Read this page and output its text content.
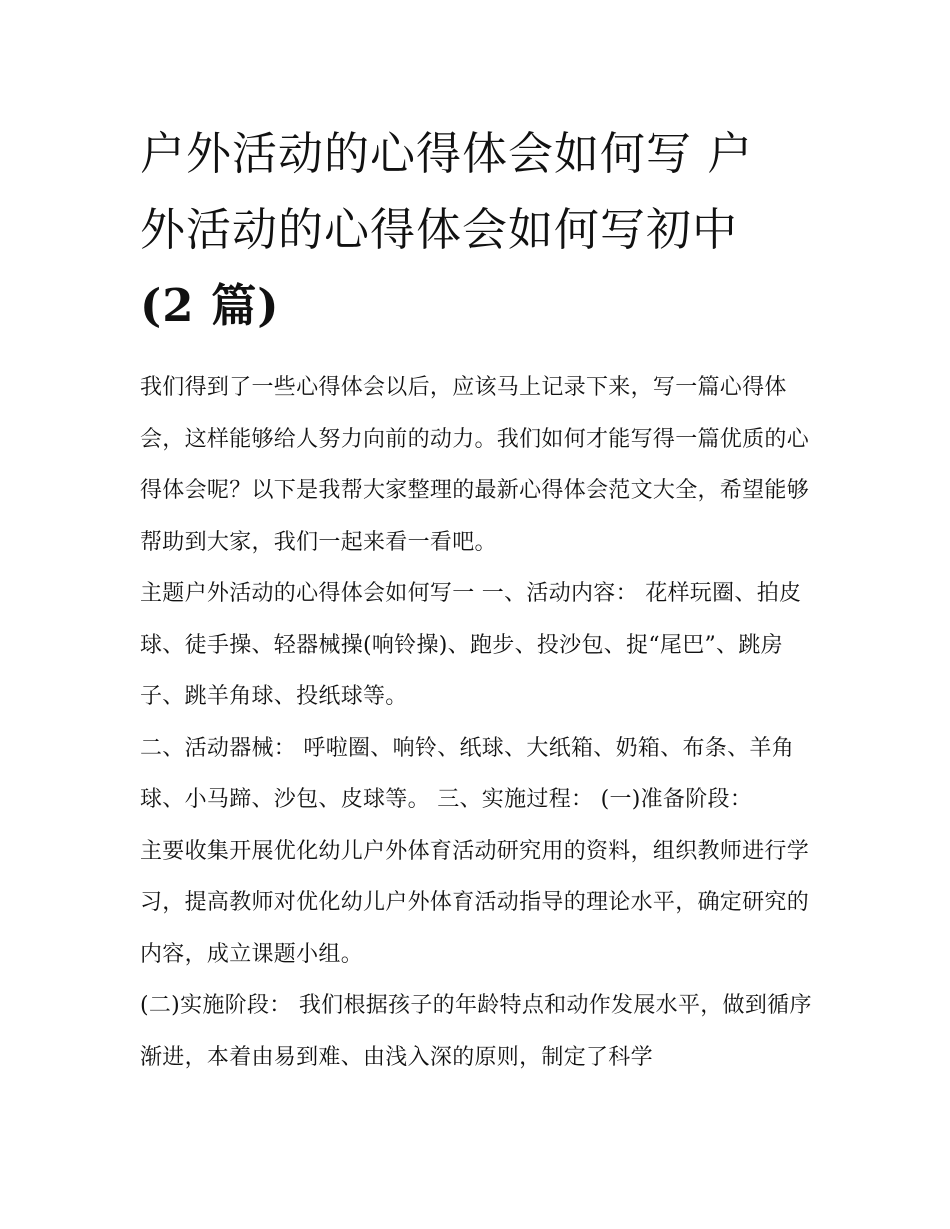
户外活动的心得体会如何写 户
外活动的心得体会如何写初中
(2 篇)

我们得到了一些心得体会以后，应该马上记录下来，写一篇心得体会，这样能够给人努力向前的动力。我们如何才能写得一篇优质的心得体会呢？以下是我帮大家整理的最新心得体会范文大全，希望能够帮助到大家，我们一起来看一看吧。

主题户外活动的心得体会如何写一 一、活动内容： 花样玩圈、拍皮球、徒手操、轻器械操(响铃操)、跑步、投沙包、捉“尾巴”、跳房子、跳羊角球、投纸球等。

二、活动器械： 呼啦圈、响铃、纸球、大纸箱、奶箱、布条、羊角球、小马蹄、沙包、皮球等。 三、实施过程： (一)准备阶段：

主要收集开展优化幼儿户外体育活动研究用的资料，组织教师进行学习，提高教师对优化幼儿户外体育活动指导的理论水平，确定研究的内容，成立课题小组。

(二)实施阶段： 我们根据孩子的年龄特点和动作发展水平，做到循序渐进，本着由易到难、由浅入深的原则，制定了科学
